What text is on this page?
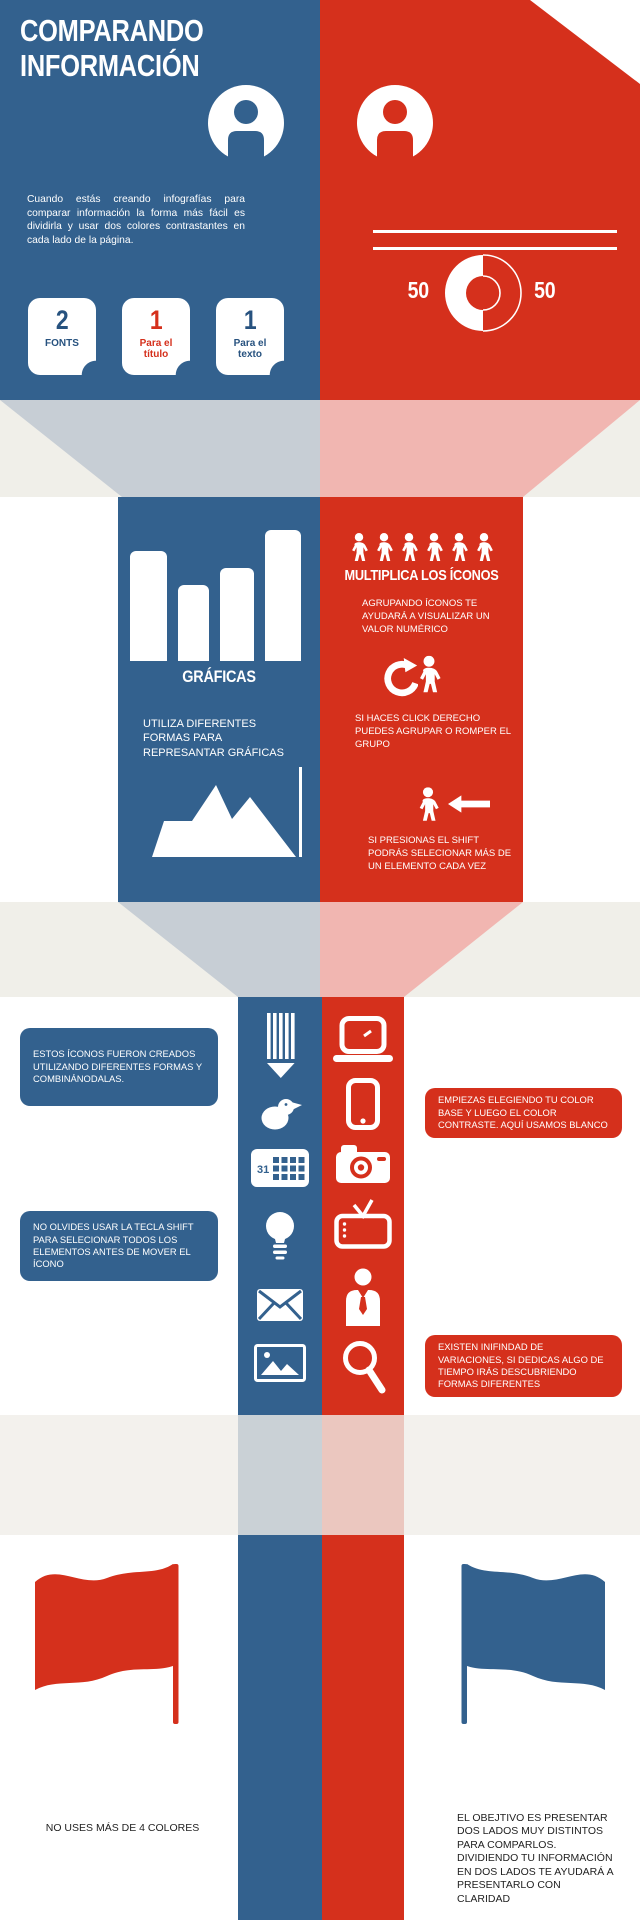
COMPARANDO
INFORMACIÓN
Cuando estás creando infografías para comparar información la forma más fácil es dividirla y usar dos colores contrastantes en cada lado de la página.
2
FONTS
1
Para el título
1
Para el texto
50	50
GRÁFICAS
UTILIZA DIFERENTES FORMAS PARA REPRESANTAR GRÁFICAS
MULTIPLICA LOS ÍCONOS
AGRUPANDO ÍCONOS TE AYUDARÁ A VISUALIZAR UN VALOR NUMÉRICO
SI HACES CLICK DERECHO PUEDES AGRUPAR O ROMPER EL GRUPO
SI PRESIONAS EL SHIFT PODRÁS SELECIONAR MÁS DE UN ELEMENTO CADA VEZ
31
ESTOS ÍCONOS FUERON CREADOS UTILIZANDO DIFERENTES FORMAS Y COMBINÁNODALAS.
EMPIEZAS ELEGIENDO TU COLOR BASE Y LUEGO EL COLOR CONTRASTE. AQUÍ USAMOS BLANCO
NO OLVIDES USAR LA TECLA SHIFT PARA SELECIONAR TODOS LOS ELEMENTOS ANTES DE MOVER EL ÍCONO
EXISTEN INIFINDAD DE VARIACIONES, SI DEDICAS ALGO DE TIEMPO IRÁS DESCUBRIENDO FORMAS DIFERENTES
NO USES MÁS DE 4 COLORES
EL OBEJTIVO ES PRESENTAR DOS LADOS MUY DISTINTOS PARA COMPARLOS. DIVIDIENDO TU INFORMACIÓN EN DOS LADOS TE AYUDARÁ A PRESENTARLO CON CLARIDAD
